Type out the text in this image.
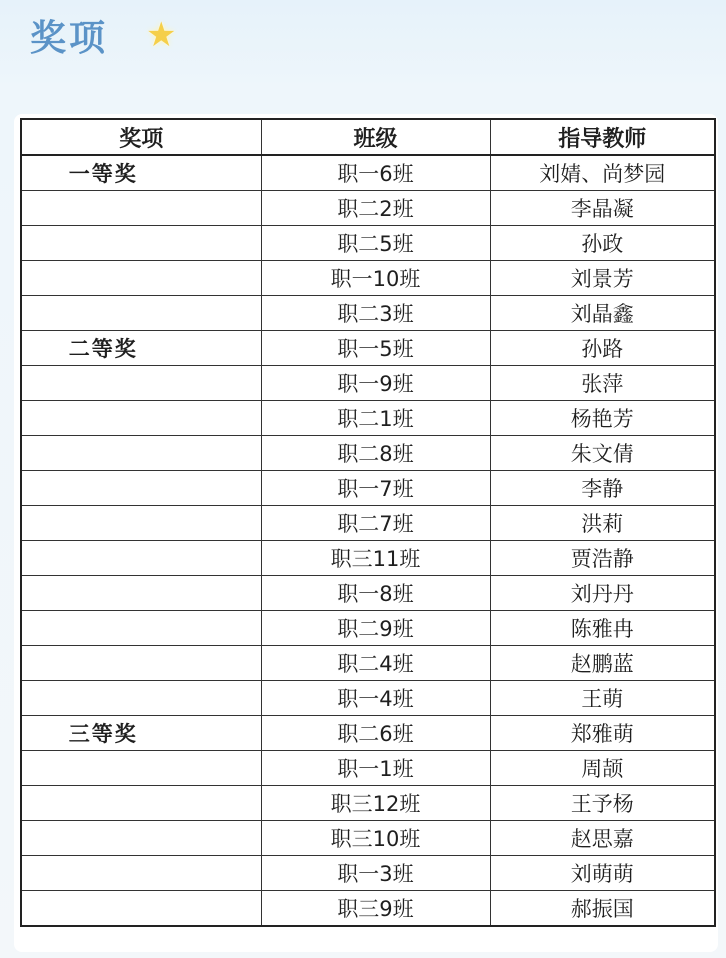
奖项 ★
奖项	班级	指导教师
一等奖	职一6班	刘婧、尚梦园
	职二2班	李晶凝
	职二5班	孙政
	职一10班	刘景芳
	职二3班	刘晶鑫
二等奖	职一5班	孙路
	职一9班	张萍
	职二1班	杨艳芳
	职二8班	朱文倩
	职一7班	李静
	职二7班	洪莉
	职三11班	贾浩静
	职一8班	刘丹丹
	职二9班	陈雅冉
	职二4班	赵鹏蓝
	职一4班	王萌
三等奖	职二6班	郑雅萌
	职一1班	周颉
	职三12班	王予杨
	职三10班	赵思嘉
	职一3班	刘萌萌
	职三9班	郝振国
